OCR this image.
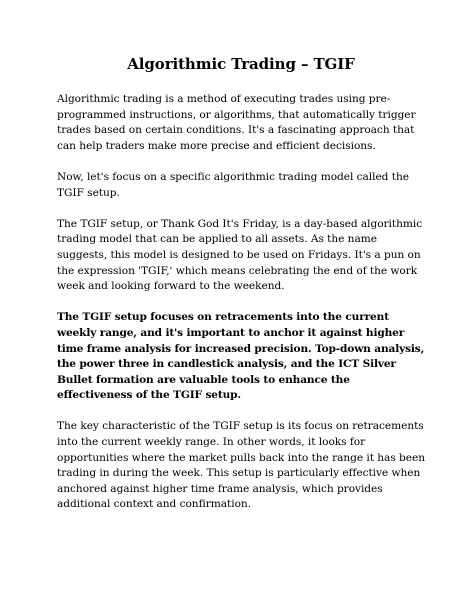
Algorithmic Trading – TGIF

Algorithmic trading is a method of executing trades using pre-programmed instructions, or algorithms, that automatically trigger trades based on certain conditions. It's a fascinating approach that can help traders make more precise and efficient decisions.

Now, let's focus on a specific algorithmic trading model called the TGIF setup.

The TGIF setup, or Thank God It's Friday, is a day-based algorithmic trading model that can be applied to all assets. As the name suggests, this model is designed to be used on Fridays. It's a pun on the expression 'TGIF,' which means celebrating the end of the work week and looking forward to the weekend.

The TGIF setup focuses on retracements into the current weekly range, and it's important to anchor it against higher time frame analysis for increased precision. Top-down analysis, the power three in candlestick analysis, and the ICT Silver Bullet formation are valuable tools to enhance the effectiveness of the TGIF setup.

The key characteristic of the TGIF setup is its focus on retracements into the current weekly range. In other words, it looks for opportunities where the market pulls back into the range it has been trading in during the week. This setup is particularly effective when anchored against higher time frame analysis, which provides additional context and confirmation.
